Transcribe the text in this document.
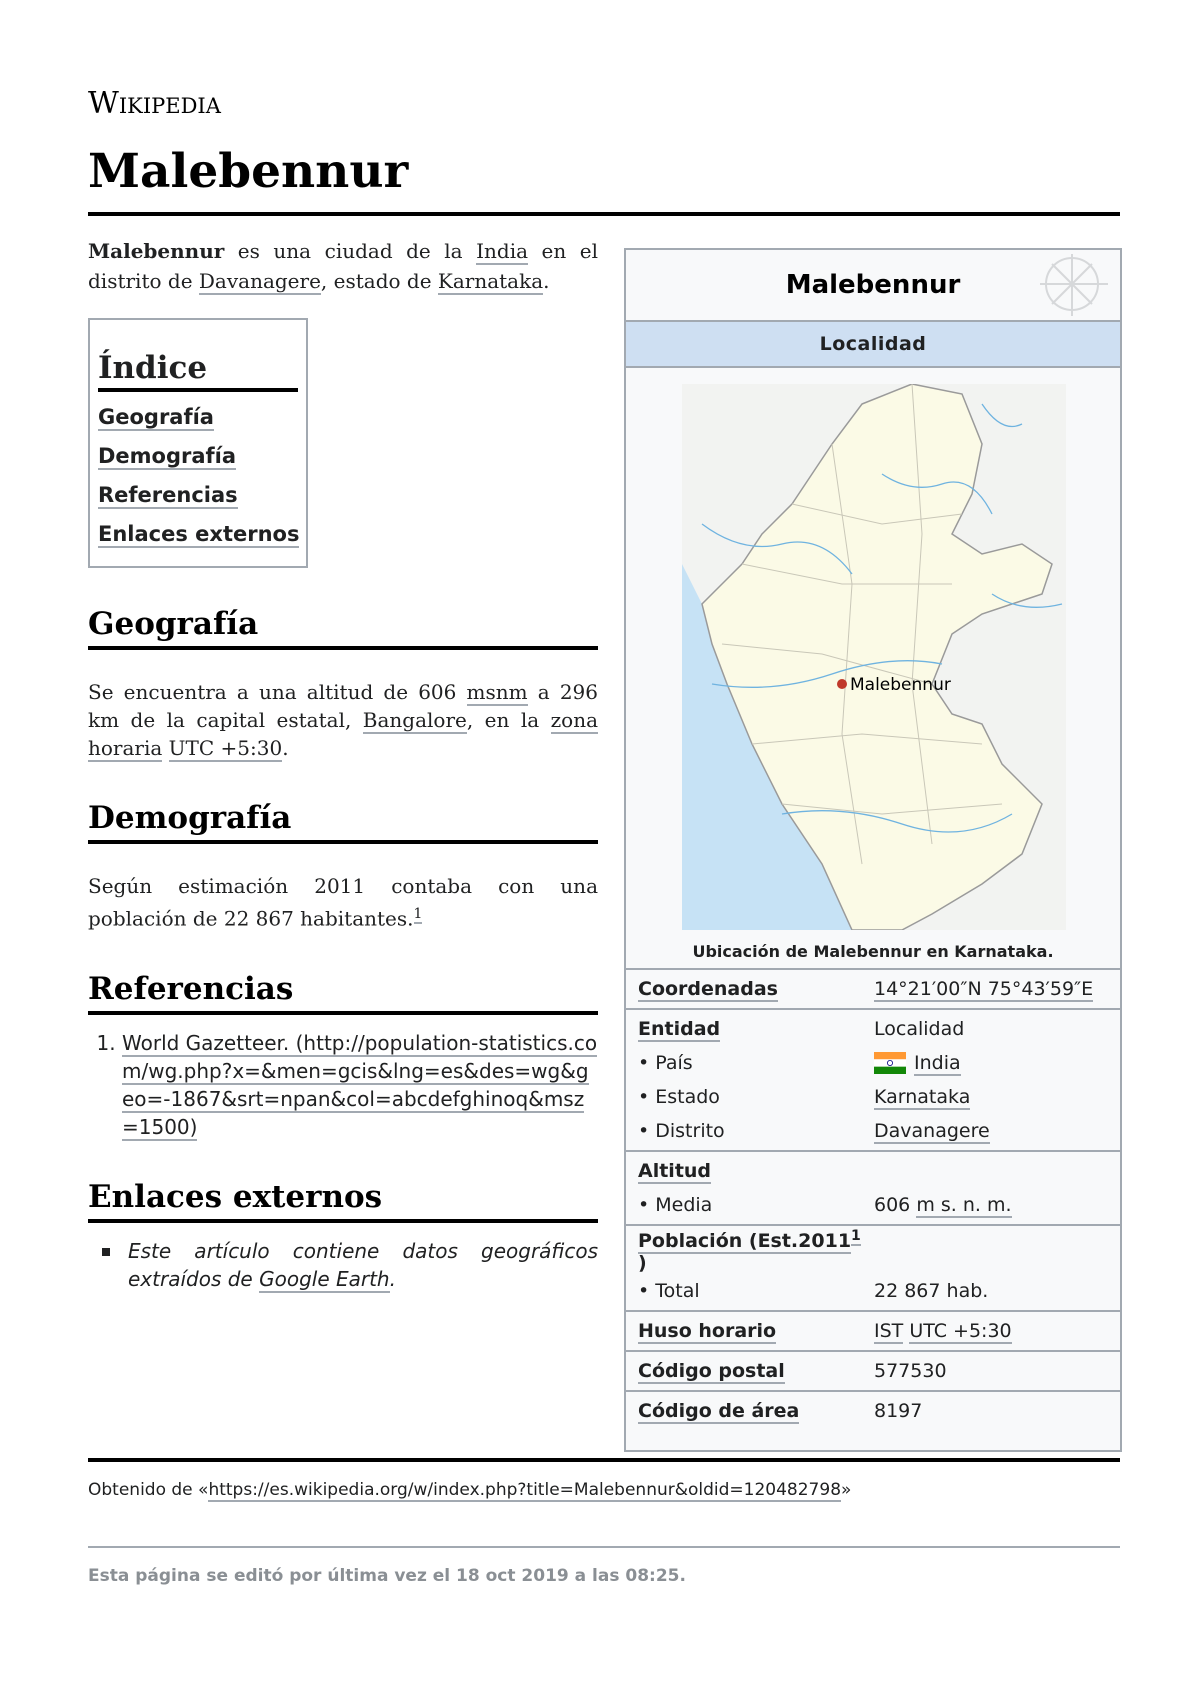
Wikipedia
Malebennur

Malebennur es una ciudad de la India en el distrito de Davanagere, estado de Karnataka.

Índice
Geografía
Demografía
Referencias
Enlaces externos
Geografía

Se encuentra a una altitud de 606 msnm a 296 km de la capital estatal, Bangalore, en la zona horaria UTC +5:30.

Demografía

Según estimación 2011 contaba con una población de 22 867 habitantes.$^1$

Referencias
1. World Gazetteer. (http://population-statistics.com/wg.php?x=&men=gcis&lng=es&des=wg&geo=-1867&srt=npan&col=abcdefghinoq&msz=1500)
Enlaces externos
Este artículo contiene datos geográficos extraídos de Google Earth.
Malebennur
Localidad
Malebennur
Ubicación de Malebennur en Karnataka.
Coordenadas	14°21′00″N 75°43′59″E
Entidad	Localidad
• País	India
• Estado	Karnataka
• Distrito	Davanagere
Altitud
• Media	606 m s. n. m.
Población (Est.2011$^1$
)
• Total	22 867 hab.
Huso horario	IST UTC +5:30
Código postal	577530
Código de área	8197
Obtenido de «https://es.wikipedia.org/w/index.php?title=Malebennur&oldid=120482798»
Esta página se editó por última vez el 18 oct 2019 a las 08:25.
